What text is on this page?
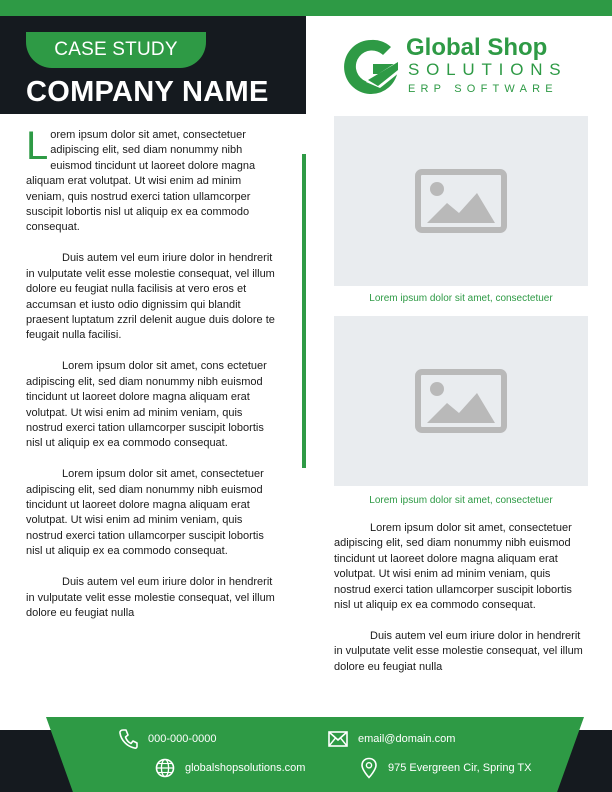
CASE STUDY
COMPANY NAME
Global Shop
SOLUTIONS
ERP SOFTWARE

Lorem ipsum dolor sit amet, consectetuer adipiscing elit, sed diam nonummy nibh euismod tincidunt ut laoreet dolore magna aliquam erat volutpat. Ut wisi enim ad minim veniam, quis nostrud exerci tation ullamcorper suscipit lobortis nisl ut aliquip ex ea commodo consequat.

Duis autem vel eum iriure dolor in hendrerit in vulputate velit esse molestie consequat, vel illum dolore eu feugiat nulla facilisis at vero eros et accumsan et iusto odio dignissim qui blandit praesent luptatum zzril delenit augue duis dolore te feugait nulla facilisi.

Lorem ipsum dolor sit amet, cons ectetuer adipiscing elit, sed diam nonummy nibh euismod tincidunt ut laoreet dolore magna aliquam erat volutpat. Ut wisi enim ad minim veniam, quis nostrud exerci tation ullamcorper suscipit lobortis nisl ut aliquip ex ea commodo consequat.

Lorem ipsum dolor sit amet, consectetuer adipiscing elit, sed diam nonummy nibh euismod tincidunt ut laoreet dolore magna aliquam erat volutpat. Ut wisi enim ad minim veniam, quis nostrud exerci tation ullamcorper suscipit lobortis nisl ut aliquip ex ea commodo consequat.

Duis autem vel eum iriure dolor in hendrerit in vulputate velit esse molestie consequat, vel illum dolore eu feugiat nulla

Lorem ipsum dolor sit amet, consectetuer
Lorem ipsum dolor sit amet, consectetuer

Lorem ipsum dolor sit amet, consectetuer adipiscing elit, sed diam nonummy nibh euismod tincidunt ut laoreet dolore magna aliquam erat volutpat. Ut wisi enim ad minim veniam, quis nostrud exerci tation ullamcorper suscipit lobortis nisl ut aliquip ex ea commodo consequat.

Duis autem vel eum iriure dolor in hendrerit in vulputate velit esse molestie consequat, vel illum dolore eu feugiat nulla

000-000-0000	email@domain.com
globalshopsolutions.com	975 Evergreen Cir, Spring TX
